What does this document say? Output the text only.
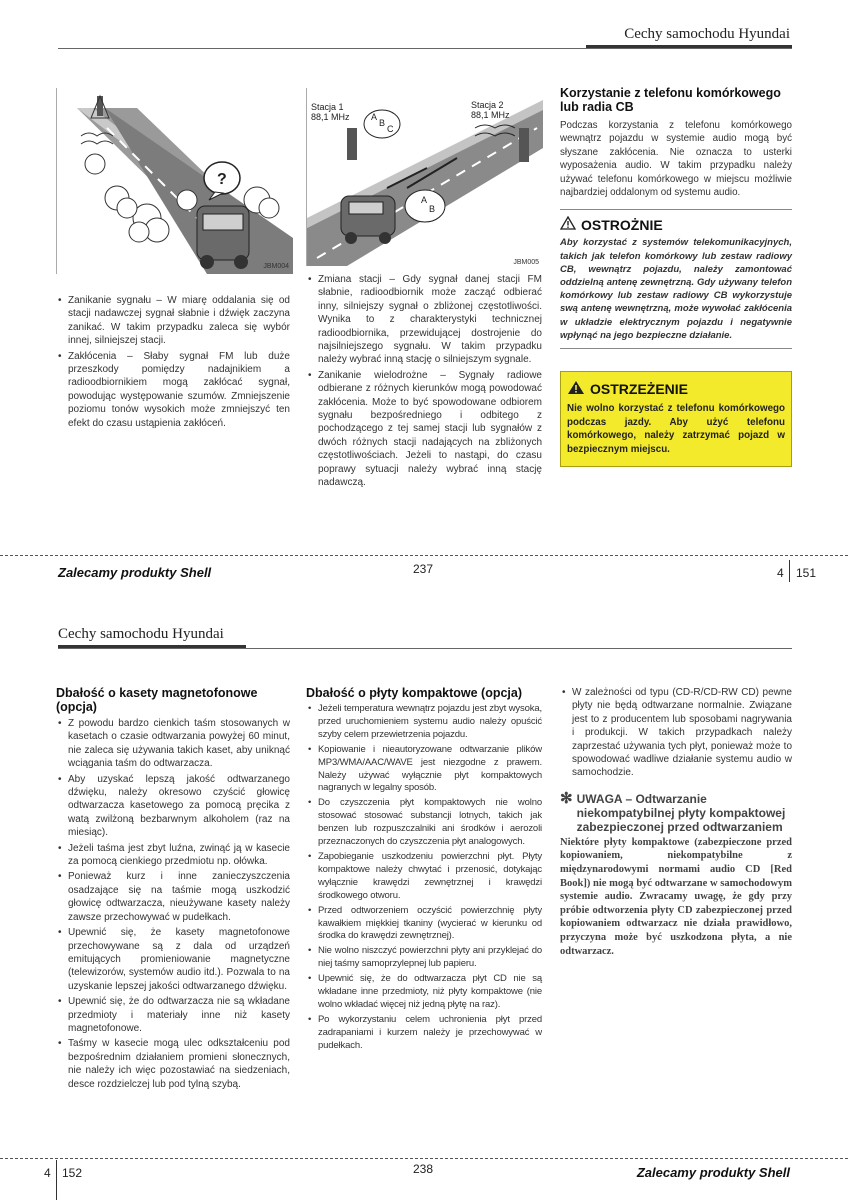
Cechy samochodu Hyundai
?
JBM004
A
B
C
A
B
Stacja 1
88,1 MHz
Stacja 2
88,1 MHz
JBM005
• Zanikanie sygnału – W miarę oddalania się od stacji nadawczej sygnał słabnie i dźwięk zaczyna zanikać. W takim przypadku zaleca się wybór innej, silniejszej stacji.
• Zakłócenia – Słaby sygnał FM lub duże przeszkody pomiędzy nadajnikiem a radioodbiornikiem mogą zakłócać sygnał, powodując występowanie szumów. Zmniejszenie poziomu tonów wysokich może zmniejszyć ten efekt do czasu ustąpienia zakłóceń.
• Zmiana stacji – Gdy sygnał danej stacji FM słabnie, radioodbiornik może zacząć odbierać inny, silniejszy sygnał o zbliżonej częstotliwości. Wynika to z charakterystyki technicznej radioodbiornika, przewidującej dostrojenie do najsilniejszego sygnału. W takim przypadku należy wybrać inną stację o silniejszym sygnale.
• Zanikanie wielodrożne – Sygnały radiowe odbierane z różnych kierunków mogą powodować zakłócenia. Może to być spowodowane odbiorem sygnału bezpośredniego i odbitego z pochodzącego z tej samej stacji lub sygnałów z dwóch różnych stacji nadających na zbliżonych częstotliwościach. Jeżeli to nastąpi, do czasu poprawy sytuacji należy wybrać inną stację nadawczą.
Korzystanie z telefonu komórkowego lub radia CB

Podczas korzystania z telefonu komórkowego wewnątrz pojazdu w systemie audio mogą być słyszane zakłócenia. Nie oznacza to usterki wyposażenia audio. W takim przypadku należy używać telefonu komórkowego w miejscu możliwie najbardziej oddalonym od systemu audio.

OSTROŻNIE
Aby korzystać z systemów telekomunikacyjnych, takich jak telefon komórkowy lub zestaw radiowy CB, wewnątrz pojazdu, należy zamontować oddzielną antenę zewnętrzną. Gdy używany telefon komórkowy lub zestaw radiowy CB wykorzystuje swą antenę wewnętrzną, może wywołać zakłócenia w układzie elektrycznym pojazdu i negatywnie wpłynąć na jego bezpieczne działanie.
OSTRZEŻENIE
Nie wolno korzystać z telefonu komórkowego podczas jazdy. Aby użyć telefonu komórkowego, należy zatrzymać pojazd w bezpiecznym miejscu.
Zalecamy produkty Shell	237	4 151
Cechy samochodu Hyundai
Dbałość o kasety magnetofonowe (opcja)
• Z powodu bardzo cienkich taśm stosowanych w kasetach o czasie odtwarzania powyżej 60 minut, nie zaleca się używania takich kaset, aby uniknąć wciągania taśm do odtwarzacza.
• Aby uzyskać lepszą jakość odtwarzanego dźwięku, należy okresowo czyścić głowicę odtwarzacza kasetowego za pomocą pręcika z watą zwilżoną bezbarwnym alkoholem (raz na miesiąc).
• Jeżeli taśma jest zbyt luźna, zwinąć ją w kasecie za pomocą cienkiego przedmiotu np. ołówka.
• Ponieważ kurz i inne zanieczyszczenia osadzające się na taśmie mogą uszkodzić głowicę odtwarzacza, nieużywane kasety należy zawsze przechowywać w pudełkach.
• Upewnić się, że kasety magnetofonowe przechowywane są z dala od urządzeń emitujących promieniowanie magnetyczne (telewizorów, systemów audio itd.). Pozwala to na uzyskanie lepszej jakości odtwarzanego dźwięku.
• Upewnić się, że do odtwarzacza nie są wkładane przedmioty i materiały inne niż kasety magnetofonowe.
• Taśmy w kasecie mogą ulec odkształceniu pod bezpośrednim działaniem promieni słonecznych, nie należy ich więc pozostawiać na siedzeniach, desce rozdzielczej lub pod tylną szybą.
Dbałość o płyty kompaktowe (opcja)
• Jeżeli temperatura wewnątrz pojazdu jest zbyt wysoka, przed uruchomieniem systemu audio należy opuścić szyby celem przewietrzenia pojazdu.
• Kopiowanie i nieautoryzowane odtwarzanie plików MP3/WMA/AAC/WAVE jest niezgodne z prawem. Należy używać wyłącznie płyt kompaktowych nagranych w legalny sposób.
• Do czyszczenia płyt kompaktowych nie wolno stosować stosować substancji lotnych, takich jak benzen lub rozpuszczalniki ani środków i aerozoli przeznaczonych do czyszczenia płyt analogowych.
• Zapobieganie uszkodzeniu powierzchni płyt. Płyty kompaktowe należy chwytać i przenosić, dotykając wyłącznie krawędzi zewnętrznej i krawędzi środkowego otworu.
• Przed odtworzeniem oczyścić powierzchnię płyty kawałkiem miękkiej tkaniny (wycierać w kierunku od środka do krawędzi zewnętrznej).
• Nie wolno niszczyć powierzchni płyty ani przyklejać do niej taśmy samoprzylepnej lub papieru.
• Upewnić się, że do odtwarzacza płyt CD nie są wkładane inne przedmioty, niż płyty kompaktowe (nie wolno wkładać więcej niż jedną płytę na raz).
• Po wykorzystaniu celem uchronienia płyt przed zadrapaniami i kurzem należy je przechowywać w pudełkach.
• W zależności od typu (CD-R/CD-RW CD) pewne płyty nie będą odtwarzane normalnie. Związane jest to z producentem lub sposobami nagrywania i produkcji. W takich przypadkach należy zaprzestać używania tych płyt, ponieważ może to spowodować wadliwe działanie systemu audio w samochodzie.
✻ UWAGA – Odtwarzanie niekompatybilnej płyty kompaktowej zabezpieczonej przed odtwarzaniem
Niektóre płyty kompaktowe (zabezpieczone przed kopiowaniem, niekompatybilne z międzynarodowymi normami audio CD [Red Book]) nie mogą być odtwarzane w samochodowym systemie audio. Zwracamy uwagę, że gdy przy próbie odtworzenia płyty CD zabezpieczonej przed kopiowaniem odtwarzacz nie działa prawidłowo, przyczyna może być uszkodzona płyta, a nie odtwarzacz.
4 152	238	Zalecamy produkty Shell
